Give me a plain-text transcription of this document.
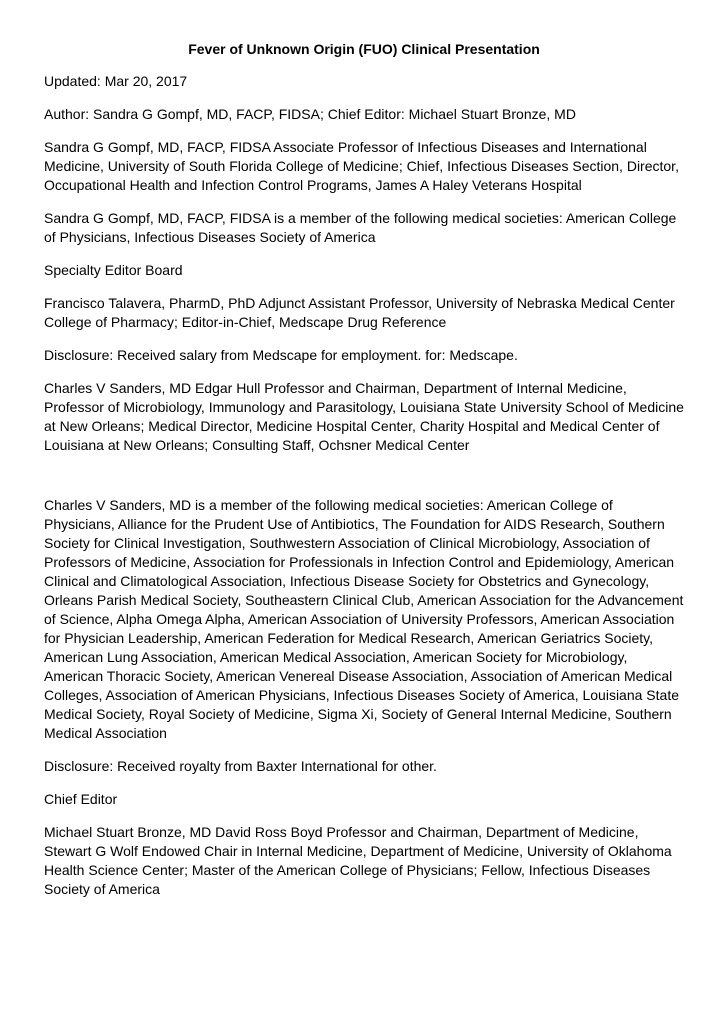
Fever of Unknown Origin (FUO) Clinical Presentation

Updated: Mar 20, 2017

Author: Sandra G Gompf, MD, FACP, FIDSA; Chief Editor: Michael Stuart Bronze, MD

Sandra G Gompf, MD, FACP, FIDSA Associate Professor of Infectious Diseases and International Medicine, University of South Florida College of Medicine; Chief, Infectious Diseases Section, Director, Occupational Health and Infection Control Programs, James A Haley Veterans Hospital

Sandra G Gompf, MD, FACP, FIDSA is a member of the following medical societies: American College of Physicians, Infectious Diseases Society of America

Specialty Editor Board

Francisco Talavera, PharmD, PhD Adjunct Assistant Professor, University of Nebraska Medical Center College of Pharmacy; Editor-in-Chief, Medscape Drug Reference

Disclosure: Received salary from Medscape for employment. for: Medscape.

Charles V Sanders, MD Edgar Hull Professor and Chairman, Department of Internal Medicine, Professor of Microbiology, Immunology and Parasitology, Louisiana State University School of Medicine at New Orleans; Medical Director, Medicine Hospital Center, Charity Hospital and Medical Center of Louisiana at New Orleans; Consulting Staff, Ochsner Medical Center

Charles V Sanders, MD is a member of the following medical societies: American College of Physicians, Alliance for the Prudent Use of Antibiotics, The Foundation for AIDS Research, Southern Society for Clinical Investigation, Southwestern Association of Clinical Microbiology, Association of Professors of Medicine, Association for Professionals in Infection Control and Epidemiology, American Clinical and Climatological Association, Infectious Disease Society for Obstetrics and Gynecology, Orleans Parish Medical Society, Southeastern Clinical Club, American Association for the Advancement of Science, Alpha Omega Alpha, American Association of University Professors, American Association for Physician Leadership, American Federation for Medical Research, American Geriatrics Society, American Lung Association, American Medical Association, American Society for Microbiology, American Thoracic Society, American Venereal Disease Association, Association of American Medical Colleges, Association of American Physicians, Infectious Diseases Society of America, Louisiana State Medical Society, Royal Society of Medicine, Sigma Xi, Society of General Internal Medicine, Southern Medical Association

Disclosure: Received royalty from Baxter International for other.

Chief Editor

Michael Stuart Bronze, MD David Ross Boyd Professor and Chairman, Department of Medicine, Stewart G Wolf Endowed Chair in Internal Medicine, Department of Medicine, University of Oklahoma Health Science Center; Master of the American College of Physicians; Fellow, Infectious Diseases Society of America
